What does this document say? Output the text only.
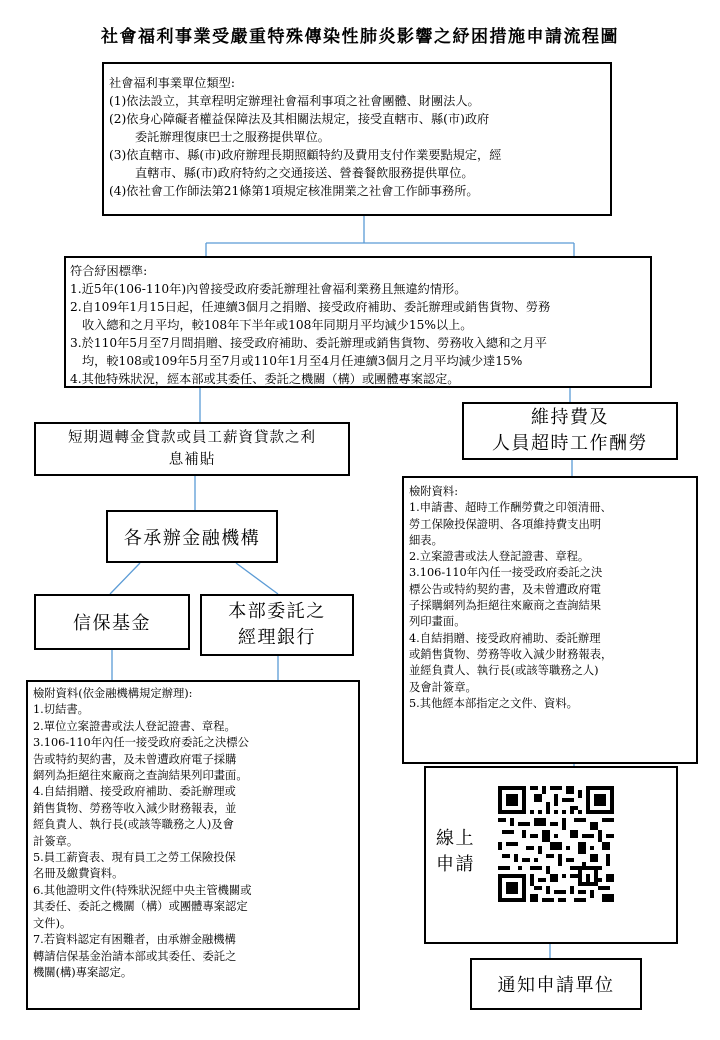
社會福利事業受嚴重特殊傳染性肺炎影響之紓困措施申請流程圖
社會福利事業單位類型:
(1)依法設立，其章程明定辦理社會福利事項之社會團體、財團法人。
(2)依身心障礙者權益保障法及其相關法規定，接受直轄市、縣(市)政府
委託辦理復康巴士之服務提供單位。
(3)依直轄市、縣(市)政府辦理長期照顧特約及費用支付作業要點規定，經
直轄市、縣(市)政府特約之交通接送、營養餐飲服務提供單位。
(4)依社會工作師法第21條第1項規定核准開業之社會工作師事務所。
符合紓困標準:
1.近5年(106-110年)內曾接受政府委託辦理社會福利業務且無違約情形。
2.自109年1月15日起，任連續3個月之捐贈、接受政府補助、委託辦理或銷售貨物、勞務
收入總和之月平均，較108年下半年或108年同期月平均減少15%以上。
3.於110年5月至7月間捐贈、接受政府補助、委託辦理或銷售貨物、勞務收入總和之月平
均，較108或109年5月至7月或110年1月至4月任連續3個月之月平均減少達15%
4.其他特殊狀況，經本部或其委任、委託之機關（構）或團體專案認定。
短期週轉金貸款或員工薪資貸款之利
息補貼
維持費及
人員超時工作酬勞
各承辦金融機構
信保基金
本部委託之
經理銀行
檢附資料:
1.申請書、超時工作酬勞費之印領清冊、
勞工保險投保證明、各項維持費支出明
細表。
2.立案證書或法人登記證書、章程。
3.106-110年內任一接受政府委託之決
標公告或特約契約書，及未曾遭政府電
子採購網列為拒絕往來廠商之查詢結果
列印畫面。
4.自結捐贈、接受政府補助、委託辦理
或銷售貨物、勞務等收入減少財務報表，
並經負責人、執行長(或該等職務之人)
及會計簽章。
5.其他經本部指定之文件、資料。
檢附資料(依金融機構規定辦理):
1.切結書。
2.單位立案證書或法人登記證書、章程。
3.106-110年內任一接受政府委託之決標公
告或特約契約書，及未曾遭政府電子採購
網列為拒絕往來廠商之查詢結果列印畫面。
4.自結捐贈、接受政府補助、委託辦理或
銷售貨物、勞務等收入減少財務報表，並
經負責人、執行長(或該等職務之人)及會
計簽章。
5.員工薪資表、現有員工之勞工保險投保
名冊及繳費資料。
6.其他證明文件(特殊狀況經中央主管機關或
其委任、委託之機關（構）或團體專案認定
文件)。
7.若資料認定有困難者，由承辦金融機構
轉請信保基金治請本部或其委任、委託之
機關(構)專案認定。
線上
申請
通知申請單位
